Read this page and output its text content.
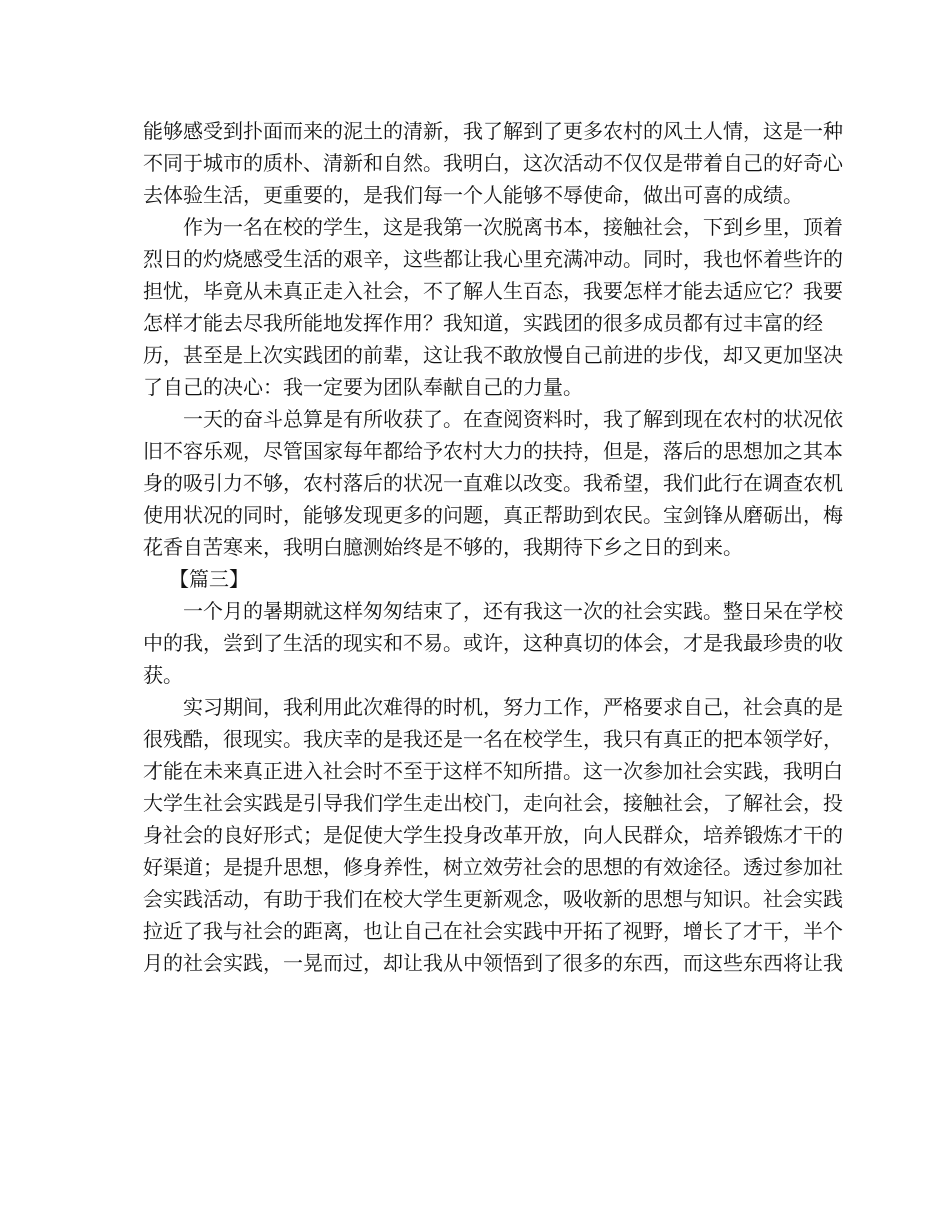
能够感受到扑面而来的泥土的清新，我了解到了更多农村的风土人情，这是一种
不同于城市的质朴、清新和自然。我明白，这次活动不仅仅是带着自己的好奇心
去体验生活，更重要的，是我们每一个人能够不辱使命，做出可喜的成绩。
作为一名在校的学生，这是我第一次脱离书本，接触社会，下到乡里，顶着
烈日的灼烧感受生活的艰辛，这些都让我心里充满冲动。同时，我也怀着些许的
担忧，毕竟从未真正走入社会，不了解人生百态，我要怎样才能去适应它？我要
怎样才能去尽我所能地发挥作用？我知道，实践团的很多成员都有过丰富的经
历，甚至是上次实践团的前辈，这让我不敢放慢自己前进的步伐，却又更加坚决
了自己的决心：我一定要为团队奉献自己的力量。
一天的奋斗总算是有所收获了。在查阅资料时，我了解到现在农村的状况依
旧不容乐观，尽管国家每年都给予农村大力的扶持，但是，落后的思想加之其本
身的吸引力不够，农村落后的状况一直难以改变。我希望，我们此行在调查农机
使用状况的同时，能够发现更多的问题，真正帮助到农民。宝剑锋从磨砺出，梅
花香自苦寒来，我明白臆测始终是不够的，我期待下乡之日的到来。
【篇三】
一个月的暑期就这样匆匆结束了，还有我这一次的社会实践。整日呆在学校
中的我，尝到了生活的现实和不易。或许，这种真切的体会，才是我最珍贵的收
获。
实习期间，我利用此次难得的时机，努力工作，严格要求自己，社会真的是
很残酷，很现实。我庆幸的是我还是一名在校学生，我只有真正的把本领学好，
才能在未来真正进入社会时不至于这样不知所措。这一次参加社会实践，我明白
大学生社会实践是引导我们学生走出校门，走向社会，接触社会，了解社会，投
身社会的良好形式；是促使大学生投身改革开放，向人民群众，培养锻炼才干的
好渠道；是提升思想，修身养性，树立效劳社会的思想的有效途径。透过参加社
会实践活动，有助于我们在校大学生更新观念，吸收新的思想与知识。社会实践
拉近了我与社会的距离，也让自己在社会实践中开拓了视野，增长了才干，半个
月的社会实践，一晃而过，却让我从中领悟到了很多的东西，而这些东西将让我
